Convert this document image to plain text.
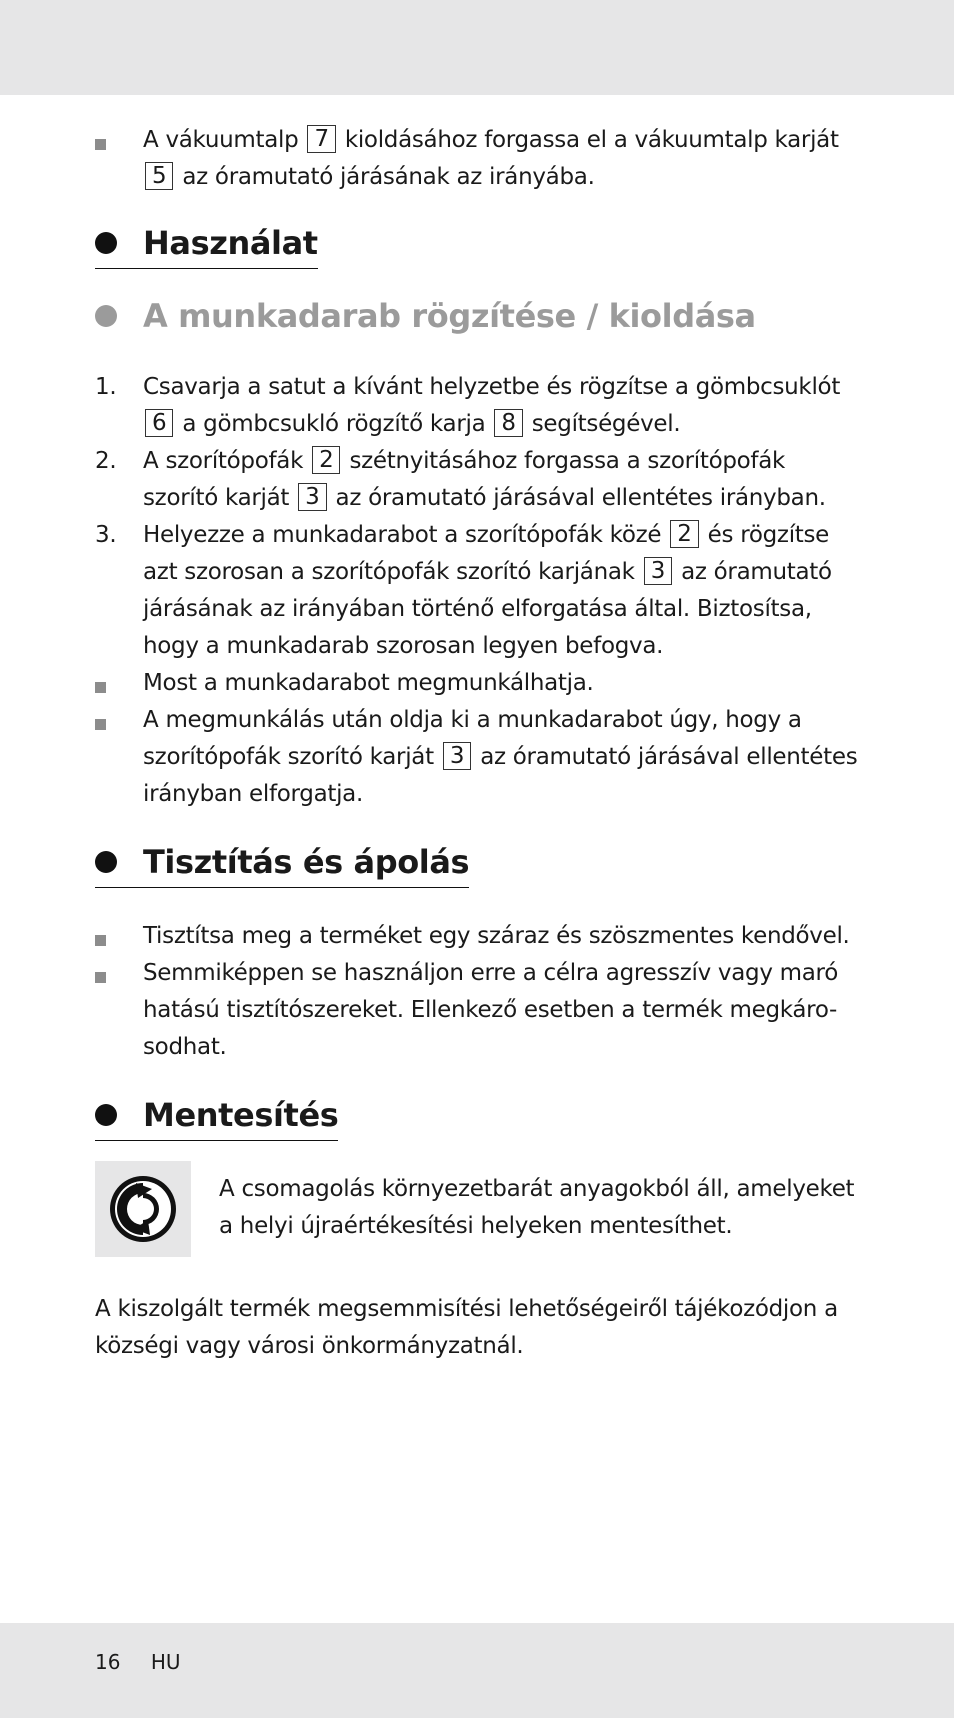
A vákuumtalp 7 kioldásához forgassa el a vákuumtalp karját 5 az óramutató járásának az irányába.

Használat
A munkadarab rögzítése / kioldása

1. Csavarja a satut a kívánt helyzetbe és rögzítse a gömbcsuklót 6 a gömbcsukló rögzítő karja 8 segítségével.

2. A szorítópofák 2 szétnyitásához forgassa a szorítópofák szorító karját 3 az óramutató járásával ellentétes irányban.

3. Helyezze a munkadarabot a szorítópofák közé 2 és rögzítse azt szorosan a szorítópofák szorító karjának 3 az óramutató járásának az irányában történő elforgatása által. Biztosítsa, hogy a munkadarab szorosan legyen befogva.

Most a munkadarabot megmunkálhatja.

A megmunkálás után oldja ki a munkadarabot úgy, hogy a szorítópofák szorító karját 3 az óramutató járásával ellentétes irányban elforgatja.

Tisztítás és ápolás

Tisztítsa meg a terméket egy száraz és szöszmentes kendővel.

Semmiképpen se használjon erre a célra agresszív vagy maró hatású tisztítószereket. Ellenkező esetben a termék megkáro- sodhat.

Mentesítés

A csomagolás környezetbarát anyagokból áll, amelyeket a helyi újraértékesítési helyeken mentesíthet.

A kiszolgált termék megsemmisítési lehetőségeiről tájékozódjon a községi vagy városi önkormányzatnál.

16 HU
